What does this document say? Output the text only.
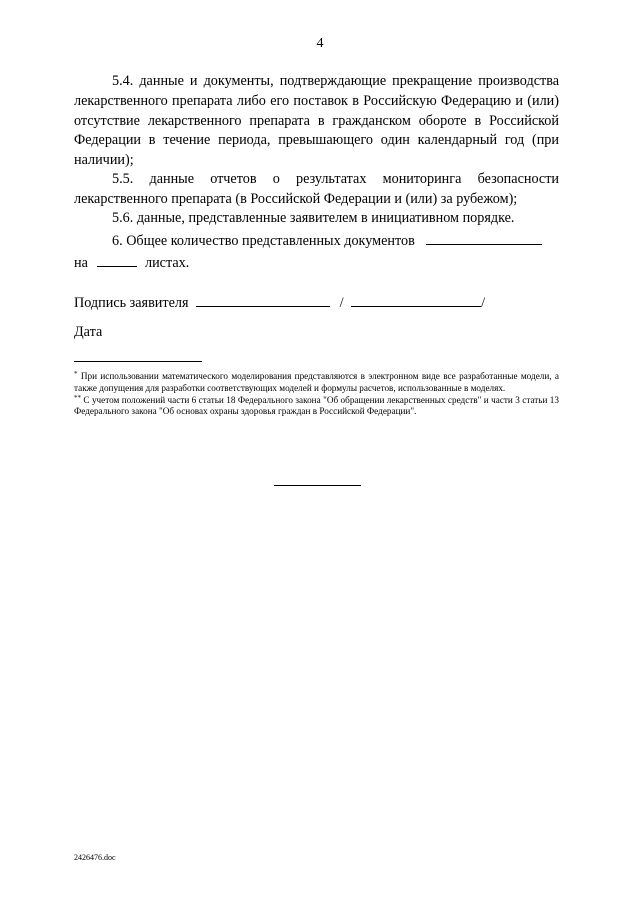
4

5.4. данные и документы, подтверждающие прекращение производства лекарственного препарата либо его поставок в Российскую Федерацию и (или) отсутствие лекарственного препарата в гражданском обороте в Российской Федерации в течение периода, превышающего один календарный год (при наличии);

5.5. данные отчетов о результатах мониторинга безопасности лекарственного препарата (в Российской Федерации и (или) за рубежом);

5.6. данные, представленные заявителем в инициативном порядке.

6. Общее количество представленных документов

на	листах.

Подпись заявителя	/	/
Дата

* При использовании математического моделирования представляются в электронном виде все разработанные модели, а также допущения для разработки соответствующих моделей и формулы расчетов, использованные в моделях.

** С учетом положений части 6 статьи 18 Федерального закона "Об обращении лекарственных средств" и части 3 статьи 13 Федерального закона "Об основах охраны здоровья граждан в Российской Федерации".

2426476.doc
